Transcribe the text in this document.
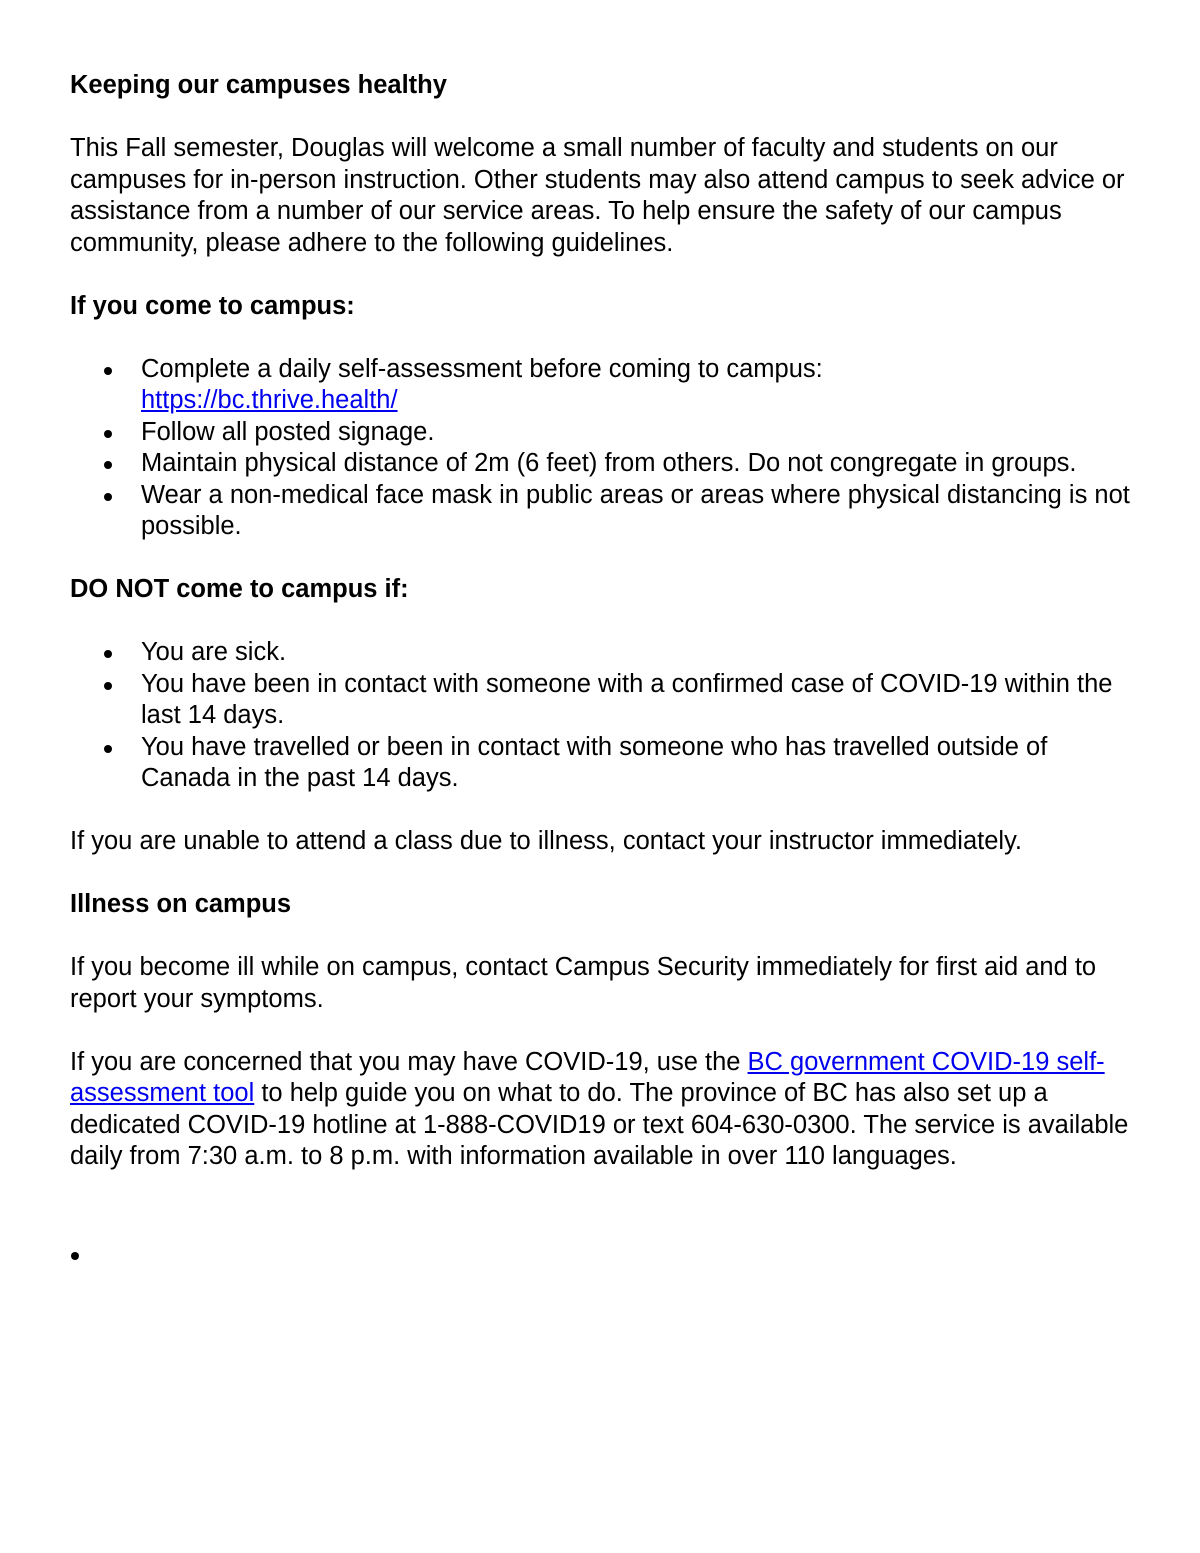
Keeping our campuses healthy

This Fall semester, Douglas will welcome a small number of faculty and students on our campuses for in-person instruction. Other students may also attend campus to seek advice or assistance from a number of our service areas. To help ensure the safety of our campus community, please adhere to the following guidelines.

If you come to campus:

Complete a daily self-assessment before coming to campus:
https://bc.thrive.health/
Follow all posted signage.
Maintain physical distance of 2m (6 feet) from others. Do not congregate in groups.
Wear a non-medical face mask in public areas or areas where physical distancing is not possible.

DO NOT come to campus if:

You are sick.
You have been in contact with someone with a confirmed case of COVID-19 within the last 14 days.
You have travelled or been in contact with someone who has travelled outside of Canada in the past 14 days.

If you are unable to attend a class due to illness, contact your instructor immediately.

Illness on campus

If you become ill while on campus, contact Campus Security immediately for first aid and to report your symptoms.

If you are concerned that you may have COVID-19, use the BC government COVID-19 self-assessment tool to help guide you on what to do. The province of BC has also set up a dedicated COVID-19 hotline at 1-888-COVID19 or text 604-630-0300. The service is available daily from 7:30 a.m. to 8 p.m. with information available in over 110 languages.
